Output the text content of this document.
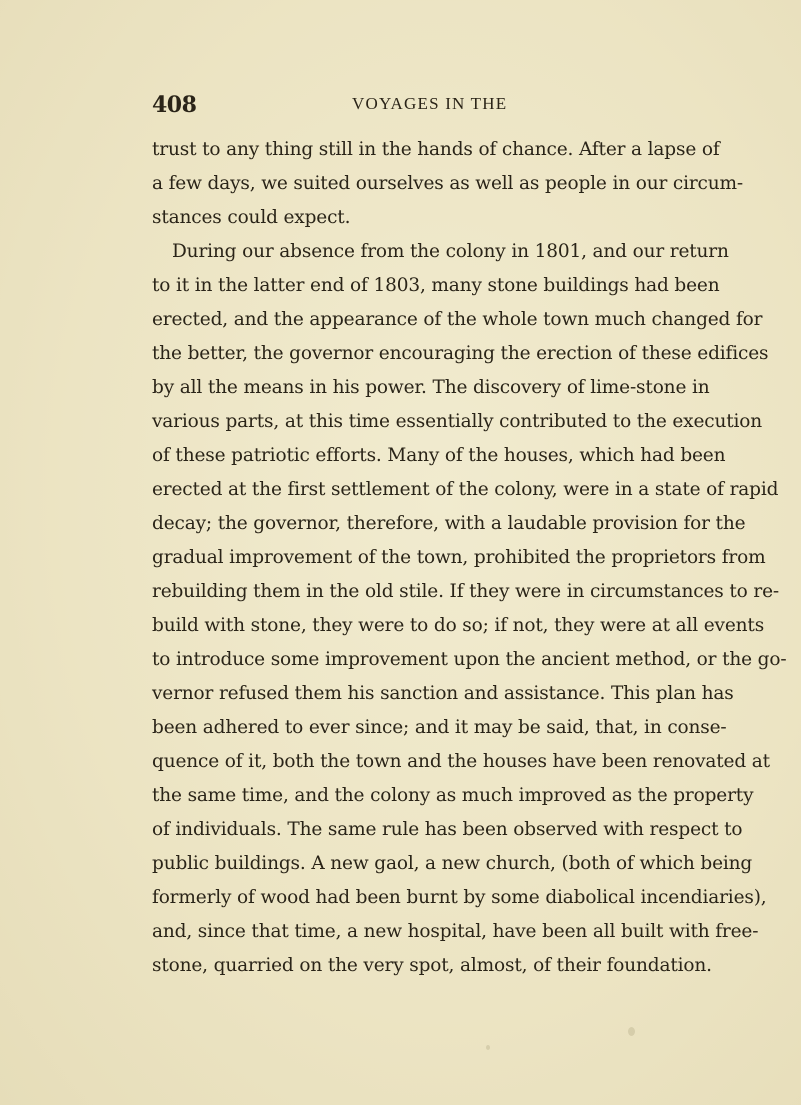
408	VOYAGES IN THE
trust to any thing still in the hands of chance. After a lapse of
a few days, we suited ourselves as well as people in our circum-
stances could expect.
During our absence from the colony in 1801, and our return
to it in the latter end of 1803, many stone buildings had been
erected, and the appearance of the whole town much changed for
the better, the governor encouraging the erection of these edifices
by all the means in his power. The discovery of lime-stone in
various parts, at this time essentially contributed to the execution
of these patriotic efforts. Many of the houses, which had been
erected at the first settlement of the colony, were in a state of rapid
decay; the governor, therefore, with a laudable provision for the
gradual improvement of the town, prohibited the proprietors from
rebuilding them in the old stile. If they were in circumstances to re-
build with stone, they were to do so; if not, they were at all events
to introduce some improvement upon the ancient method, or the go-
vernor refused them his sanction and assistance. This plan has
been adhered to ever since; and it may be said, that, in conse-
quence of it, both the town and the houses have been renovated at
the same time, and the colony as much improved as the property
of individuals. The same rule has been observed with respect to
public buildings. A new gaol, a new church, (both of which being
formerly of wood had been burnt by some diabolical incendiaries),
and, since that time, a new hospital, have been all built with free-
stone, quarried on the very spot, almost, of their foundation.
